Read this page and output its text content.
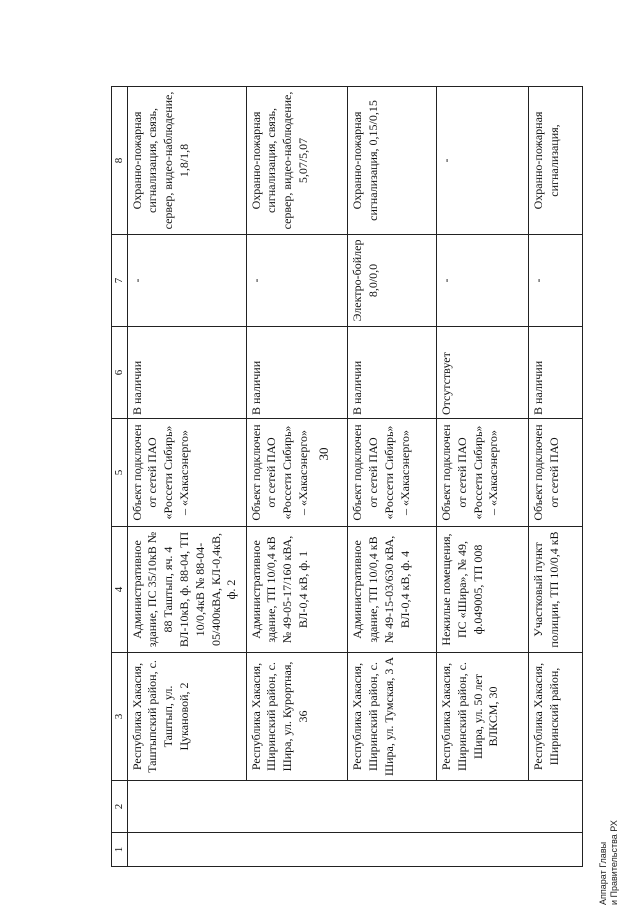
30
1	2	3	4	5	6	7	8
		Республика Хакасия, Таштыпский район, с. Таштып, ул. Цукановой, 2	Административное здание, ПС 35/10кВ № 88 Таштып, яч. 4 ВЛ-10кВ, ф. 88-04, ТП 10/0,4кВ № 88-04-05/400кВА, КЛ-0,4кВ, ф. 2	Объект подключен от сетей ПАО «Россети Сибирь» – «Хакасэнерго»	В наличии	-	Охранно-пожарная сигнализация, связь, сервер, видео-наблюдение, 1,8/1,8
		Республика Хакасия, Ширинский район, с. Шира, ул. Курортная, 36	Административное здание, ТП 10/0,4 кВ № 49-05-17/160 кВА, ВЛ-0,4 кВ, ф. 1	Объект подключен от сетей ПАО «Россети Сибирь» – «Хакасэнерго»	В наличии	-	Охранно-пожарная сигнализация, связь, сервер, видео-наблюдение, 5,07/5,07
		Республика Хакасия, Ширинский район, с. Шира, ул. Тумская, 3 А	Административное здание, ТП 10/0,4 кВ № 49-15-03/630 кВА, ВЛ-0,4 кВ, ф. 4	Объект подключен от сетей ПАО «Россети Сибирь» – «Хакасэнерго»	В наличии	Электро-бойлер 8,0/0,0	Охранно-пожарная сигнализация, 0,15/0,15
		Республика Хакасия, Ширинский район, с. Шира, ул. 50 лет ВЛКСМ, 30	Нежилые помещения, ПС «Шира», № 49, ф.049005, ТП 008	Объект подключен от сетей ПАО «Россети Сибирь» – «Хакасэнерго»	Отсутствует	-	-
		Республика Хакасия, Ширинский район,	Участковый пункт полиции, ТП 10/0,4 кВ	Объект подключен от сетей ПАО	В наличии	-	Охранно-пожарная сигнализация,
Аппарат Главы и Правительства РХ
